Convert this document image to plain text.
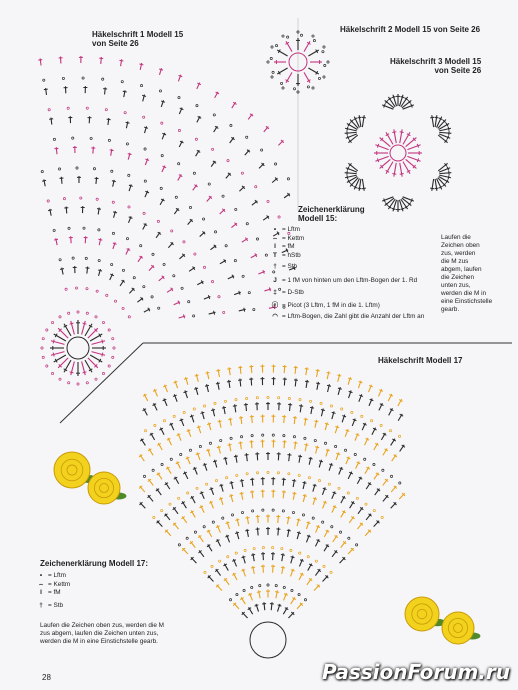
Häkelschrift 1 Modell 15
von Seite 26
Häkelschrift 2 Modell 15 von Seite 26
Häkelschrift 3 Modell 15
von Seite 26
Häkelschrift Modell 17
Zeichenerklärung
Modell 15:
• = Lftm
⌢ = Kettm
I = fM
T = hStb
† = Stb
J = 1 fM von hinten um den Lftm-Bogen der 1. Rd
‡ = D-Stb
ⓔ = Picot (3 Lftm, 1 fM in die 1. Lftm)
◠ = Lftm-Bogen, die Zahl gibt die Anzahl der Lftm an
Laufen die
Zeichen oben
zus, werden
die M zus
abgem, laufen
die Zeichen
unten zus,
werden die M in
eine Einstichstelle
gearb.
Zeichenerklärung Modell 17:
• = Lftm
⌢ = Kettm
I = fM
† = Stb
Laufen die Zeichen oben zus, werden die M
zus abgem, laufen die Zeichen unten zus,
werden die M in eine Einstichstelle gearb.
28	PassionForum.ru
